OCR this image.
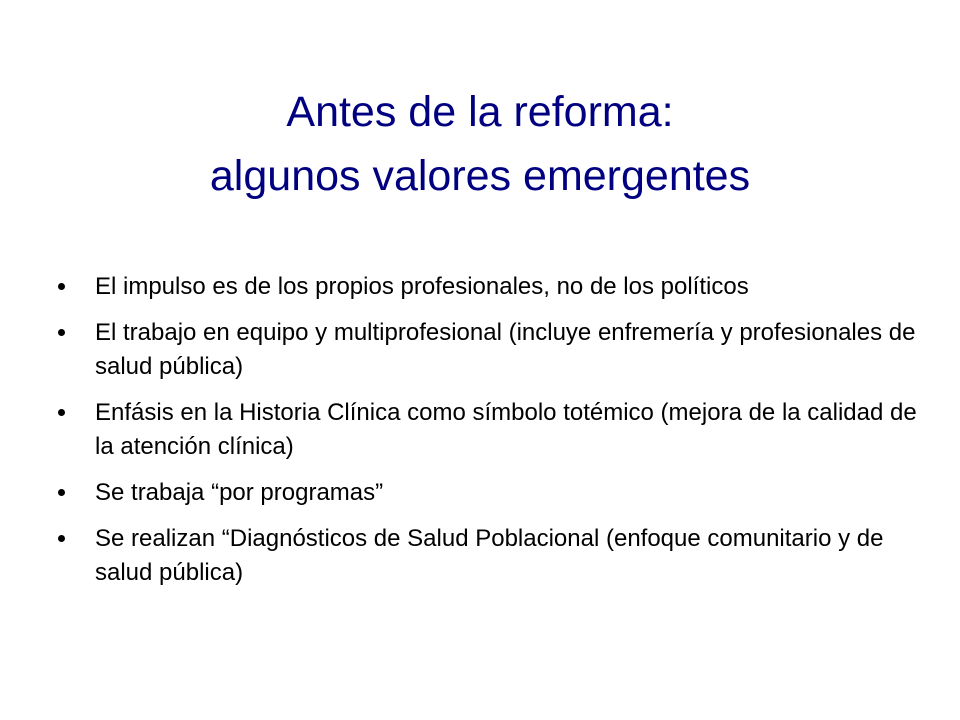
Antes de la reforma:
algunos valores emergentes
El impulso es de los propios profesionales, no de los políticos
El trabajo en equipo y multiprofesional (incluye enfremería y profesionales de salud pública)
Enfásis en la Historia Clínica como símbolo totémico (mejora de la calidad de la atención clínica)
Se trabaja “por programas”
Se realizan “Diagnósticos de Salud Poblacional (enfoque comunitario y de salud pública)
